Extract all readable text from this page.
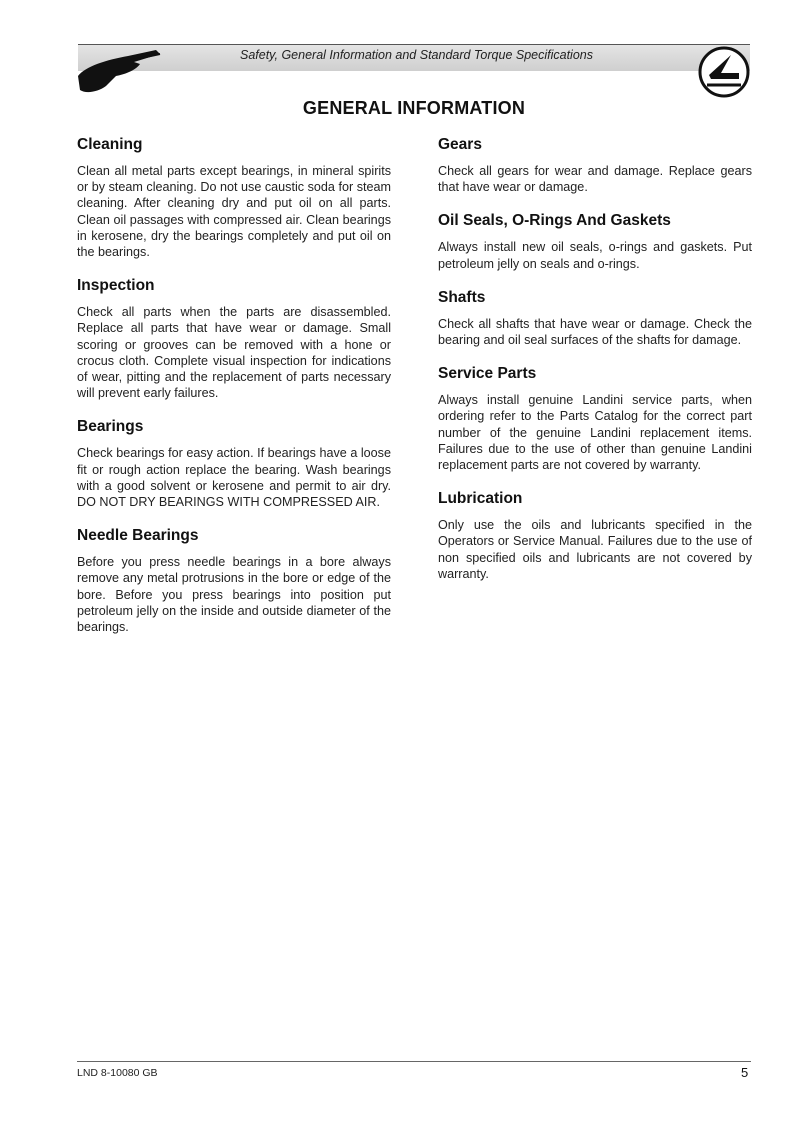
Safety, General Information and Standard Torque Specifications
GENERAL INFORMATION
Cleaning

Clean all metal parts except bearings, in mineral spirits or by steam cleaning. Do not use caustic soda for steam cleaning. After cleaning dry and put oil on all parts. Clean oil passages with compressed air. Clean bearings in kerosene, dry the bearings completely and put oil on the bearings.

Inspection

Check all parts when the parts are disassembled. Replace all parts that have wear or damage. Small scoring or grooves can be removed with a hone or crocus cloth. Complete visual inspection for indications of wear, pitting and the replacement of parts necessary will prevent early failures.

Bearings

Check bearings for easy action. If bearings have a loose fit or rough action replace the bearing. Wash bearings with a good solvent or kerosene and permit to air dry. DO NOT DRY BEARINGS WITH COMPRESSED AIR.

Needle Bearings

Before you press needle bearings in a bore always remove any metal protrusions in the bore or edge of the bore. Before you press bearings into position put petroleum jelly on the inside and outside diameter of the bearings.

Gears

Check all gears for wear and damage. Replace gears that have wear or damage.

Oil Seals, O-Rings And Gaskets

Always install new oil seals, o-rings and gaskets. Put petroleum jelly on seals and o-rings.

Shafts

Check all shafts that have wear or damage. Check the bearing and oil seal surfaces of the shafts for damage.

Service Parts

Always install genuine Landini service parts, when ordering refer to the Parts Catalog for the correct part number of the genuine Landini replacement items. Failures due to the use of other than genuine Landini replacement parts are not covered by warranty.

Lubrication

Only use the oils and lubricants specified in the Operators or Service Manual. Failures due to the use of non specified oils and lubricants are not covered by warranty.

LND 8-10080 GB	5
